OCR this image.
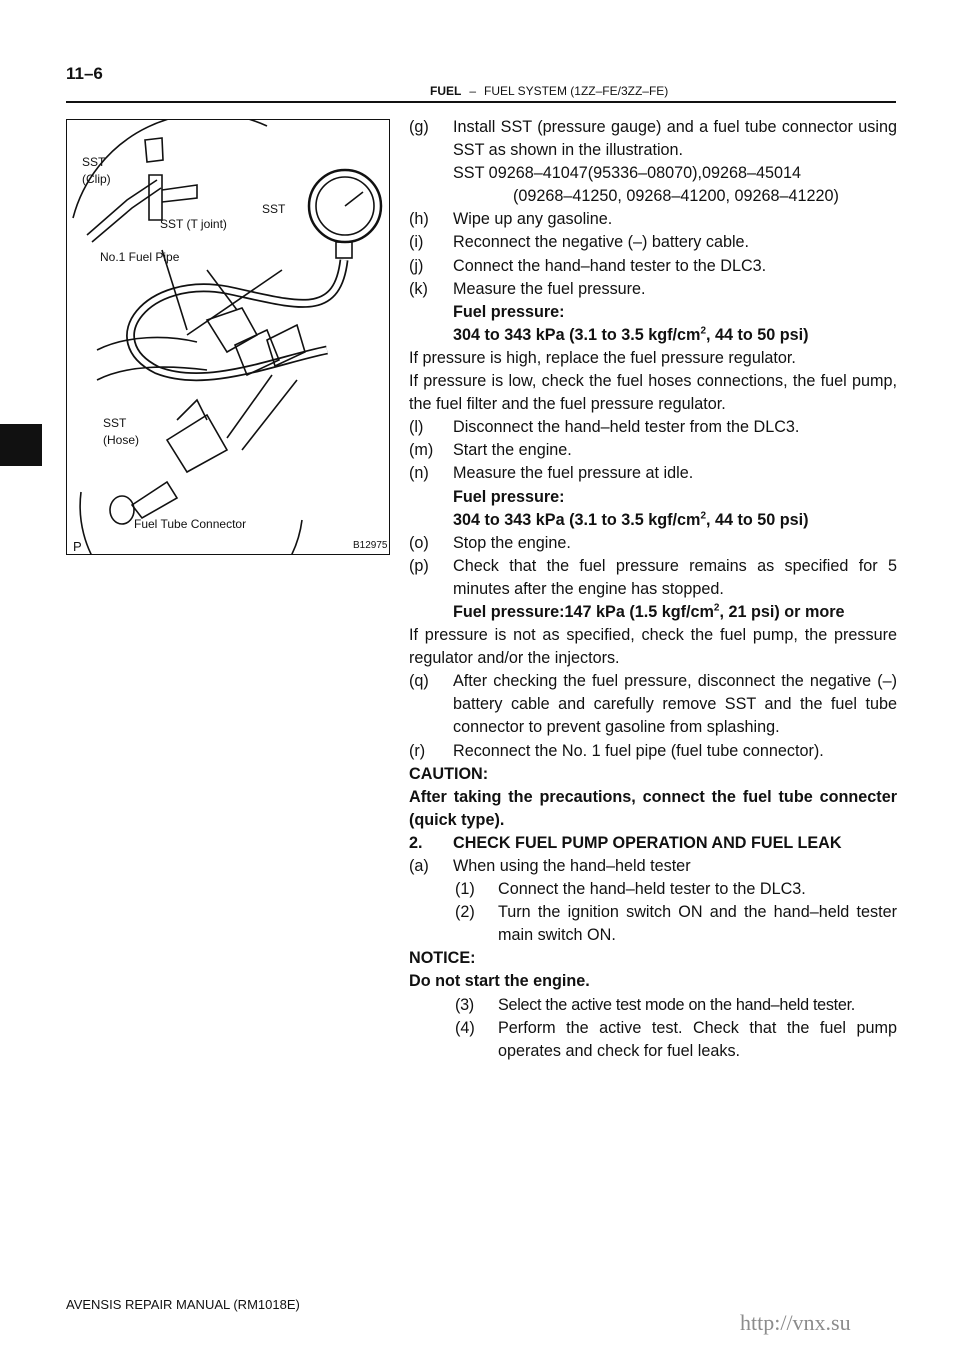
11–6
FUEL – FUEL SYSTEM (1ZZ–FE/3ZZ–FE)
SST
(Clip)
SST
SST (T joint)
No.1 Fuel Pipe
SST
(Hose)
Fuel Tube Connector
P	B12975
(g) Install SST (pressure gauge) and a fuel tube connector using SST as shown in the illustration.
SST 09268–41047(95336–08070),09268–45014
(09268–41250, 09268–41200, 09268–41220)
(h) Wipe up any gasoline.
(i) Reconnect the negative (–) battery cable.
(j) Connect the hand–hand tester to the DLC3.
(k) Measure the fuel pressure.
Fuel pressure:
304 to 343 kPa (3.1 to 3.5 kgf/$cm^2$, 44 to 50 psi)
If pressure is high, replace the fuel pressure regulator.
If pressure is low, check the fuel hoses connections, the fuel pump, the fuel filter and the fuel pressure regulator.
(l) Disconnect the hand–held tester from the DLC3.
(m) Start the engine.
(n) Measure the fuel pressure at idle.
Fuel pressure:
304 to 343 kPa (3.1 to 3.5 kgf/$cm^2$, 44 to 50 psi)
(o) Stop the engine.
(p) Check that the fuel pressure remains as specified for 5 minutes after the engine has stopped.
Fuel pressure:147 kPa (1.5 kgf/$cm^2$, 21 psi) or more
If pressure is not as specified, check the fuel pump, the pressure regulator and/or the injectors.
(q) After checking the fuel pressure, disconnect the negative (–) battery cable and carefully remove SST and the fuel tube connector to prevent gasoline from splashing.
(r) Reconnect the No. 1 fuel pipe (fuel tube connector).
CAUTION:
After taking the precautions, connect the fuel tube connecter (quick type).
2. CHECK FUEL PUMP OPERATION AND FUEL LEAK
(a) When using the hand–held tester
(1) Connect the hand–held tester to the DLC3.
(2) Turn the ignition switch ON and the hand–held tester main switch ON.
NOTICE:
Do not start the engine.
(3) Select the active test mode on the hand–held tester.
(4) Perform the active test. Check that the fuel pump operates and check for fuel leaks.
AVENSIS REPAIR MANUAL (RM1018E)
http://vnx.su
